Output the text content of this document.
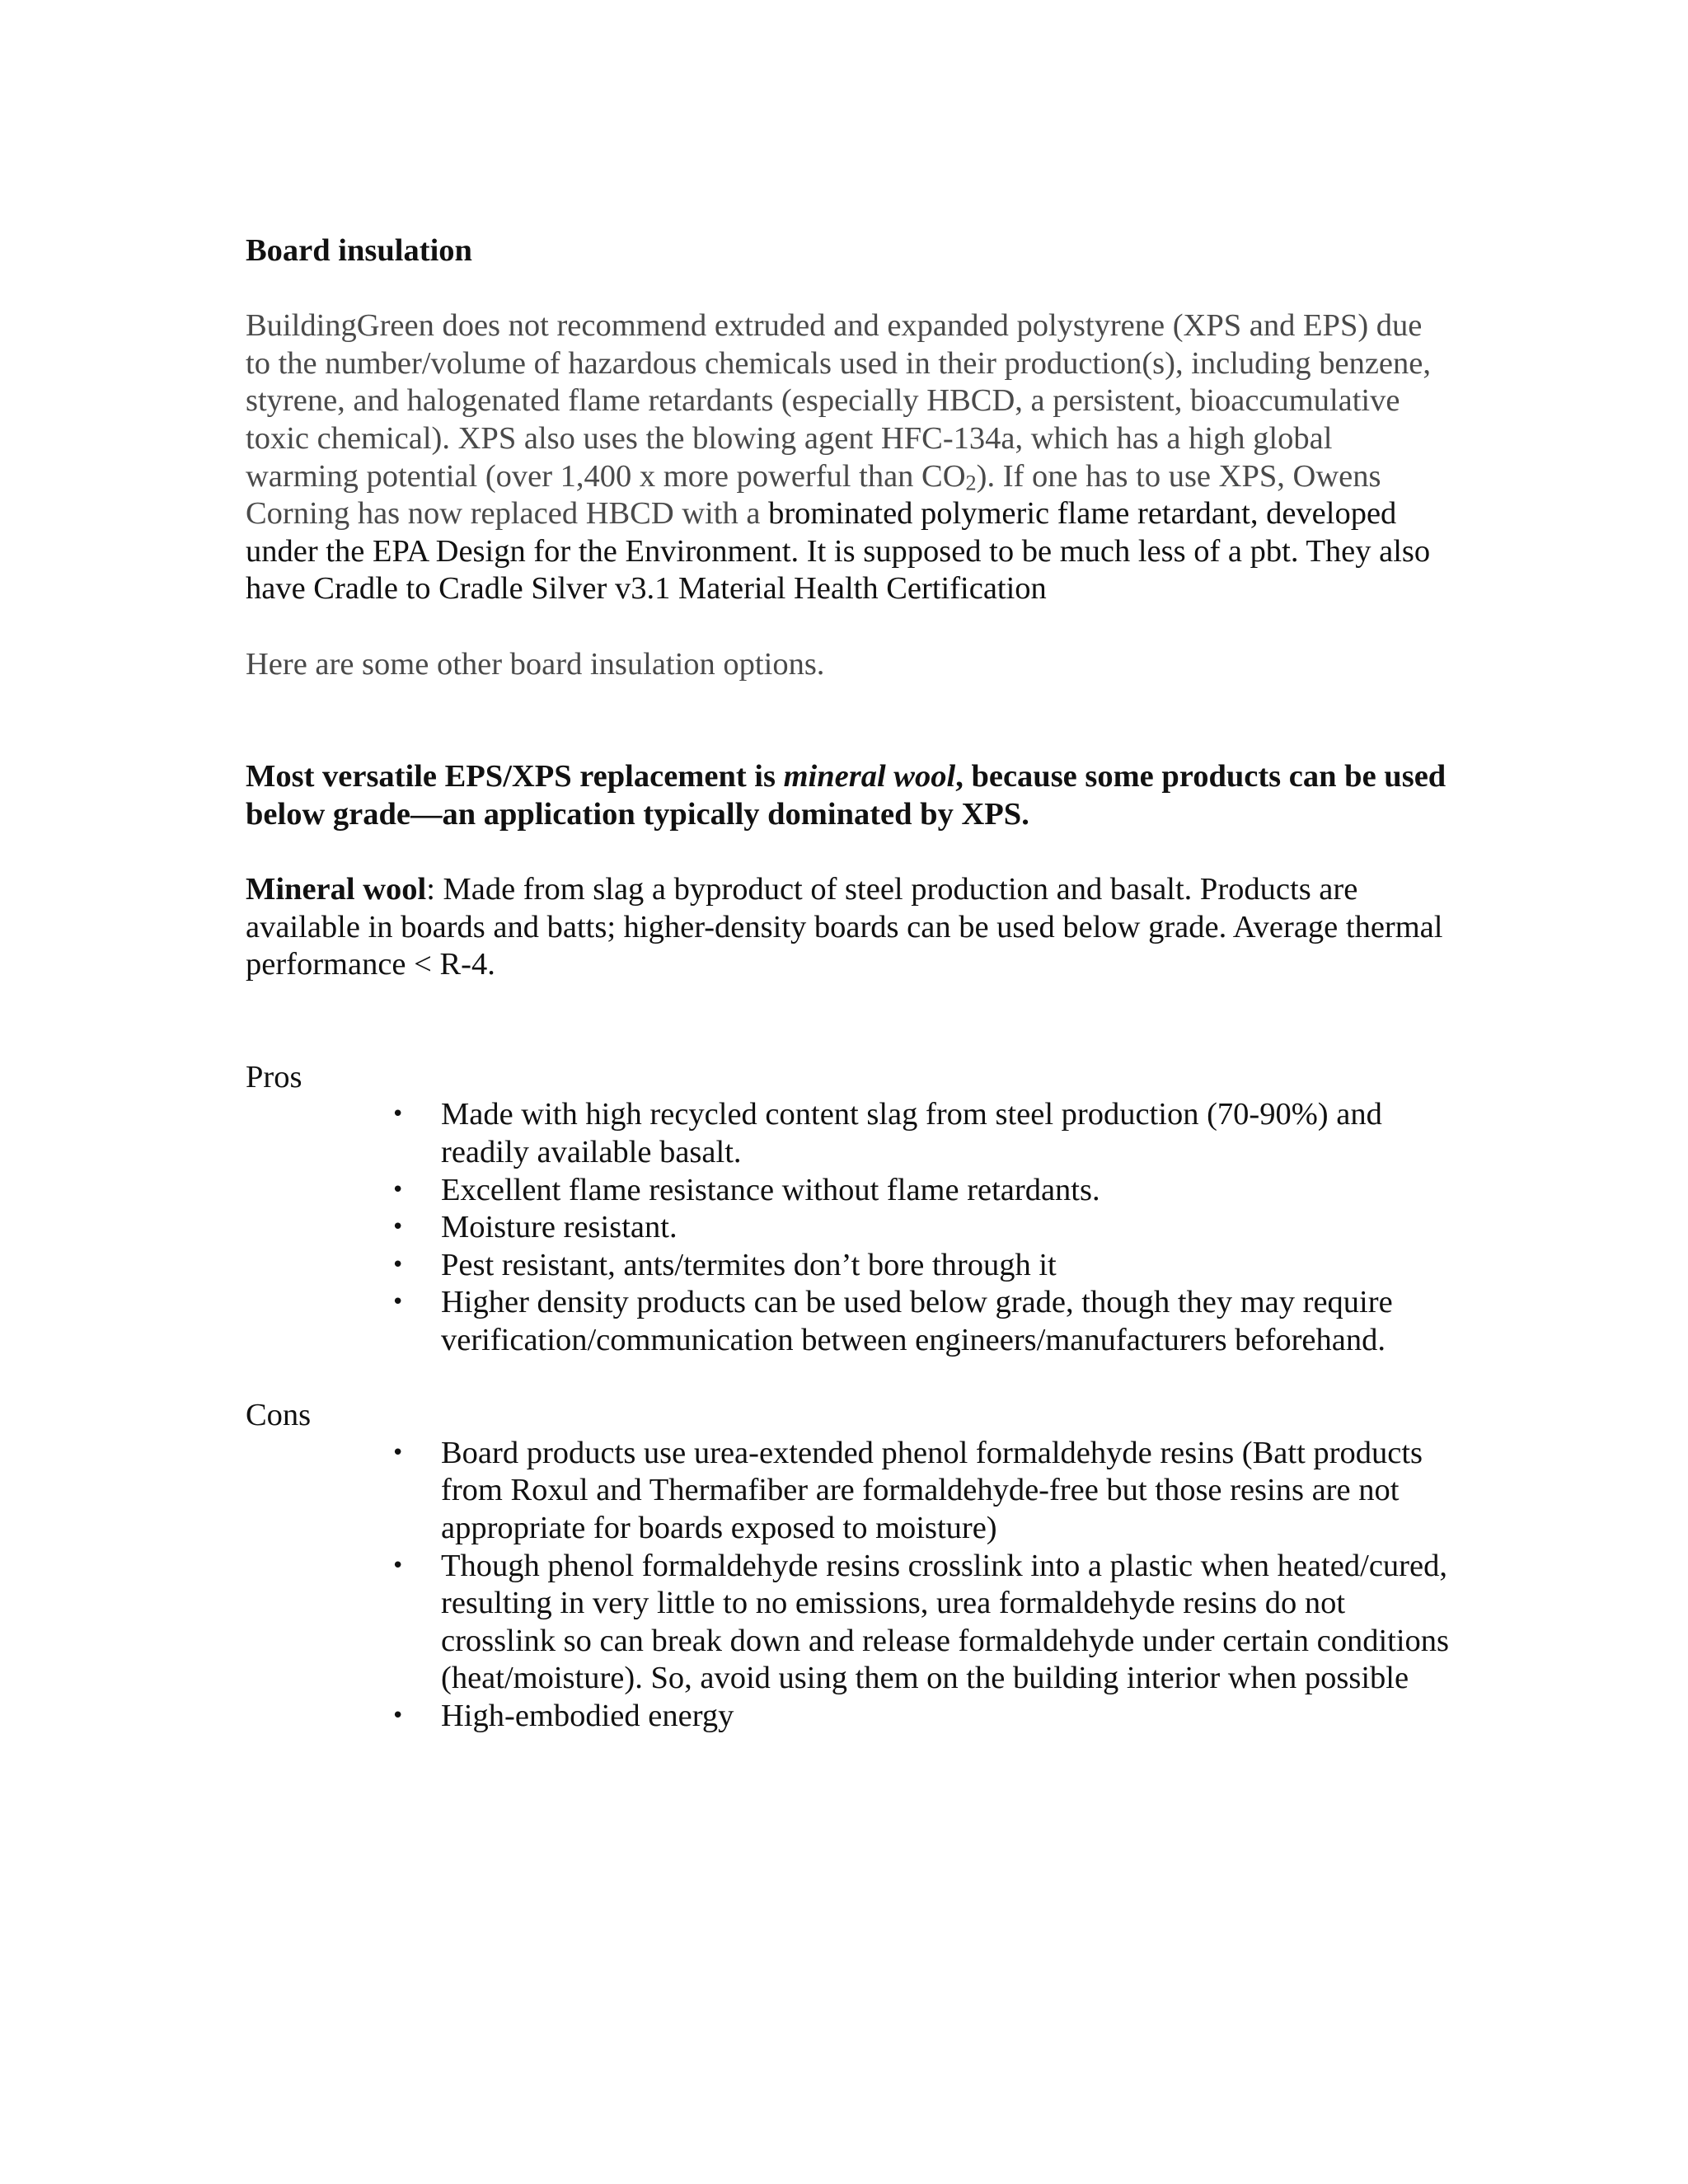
Board insulation

BuildingGreen does not recommend extruded and expanded polystyrene (XPS and EPS) due to the number/volume of hazardous chemicals used in their production(s), including benzene, styrene, and halogenated flame retardants (especially HBCD, a persistent, bioaccumulative toxic chemical). XPS also uses the blowing agent HFC-134a, which has a high global warming potential (over 1,400 x more powerful than $CO_2$). If one has to use XPS, Owens Corning has now replaced HBCD with a brominated polymeric flame retardant, developed under the EPA Design for the Environment. It is supposed to be much less of a pbt. They also have Cradle to Cradle Silver v3.1 Material Health Certification

Here are some other board insulation options.

Most versatile EPS/XPS replacement is mineral wool, because some products can be used below grade—an application typically dominated by XPS.

Mineral wool: Made from slag a byproduct of steel production and basalt. Products are available in boards and batts; higher-density boards can be used below grade. Average thermal performance < R-4.

Pros

• Made with high recycled content slag from steel production (70-90%) and readily available basalt.
• Excellent flame resistance without flame retardants.
• Moisture resistant.
• Pest resistant, ants/termites don’t bore through it
• Higher density products can be used below grade, though they may require verification/communication between engineers/manufacturers beforehand.

Cons

• Board products use urea-extended phenol formaldehyde resins (Batt products from Roxul and Thermafiber are formaldehyde-free but those resins are not appropriate for boards exposed to moisture)
• Though phenol formaldehyde resins crosslink into a plastic when heated/cured, resulting in very little to no emissions, urea formaldehyde resins do not crosslink so can break down and release formaldehyde under certain conditions (heat/moisture). So, avoid using them on the building interior when possible
• High-embodied energy
